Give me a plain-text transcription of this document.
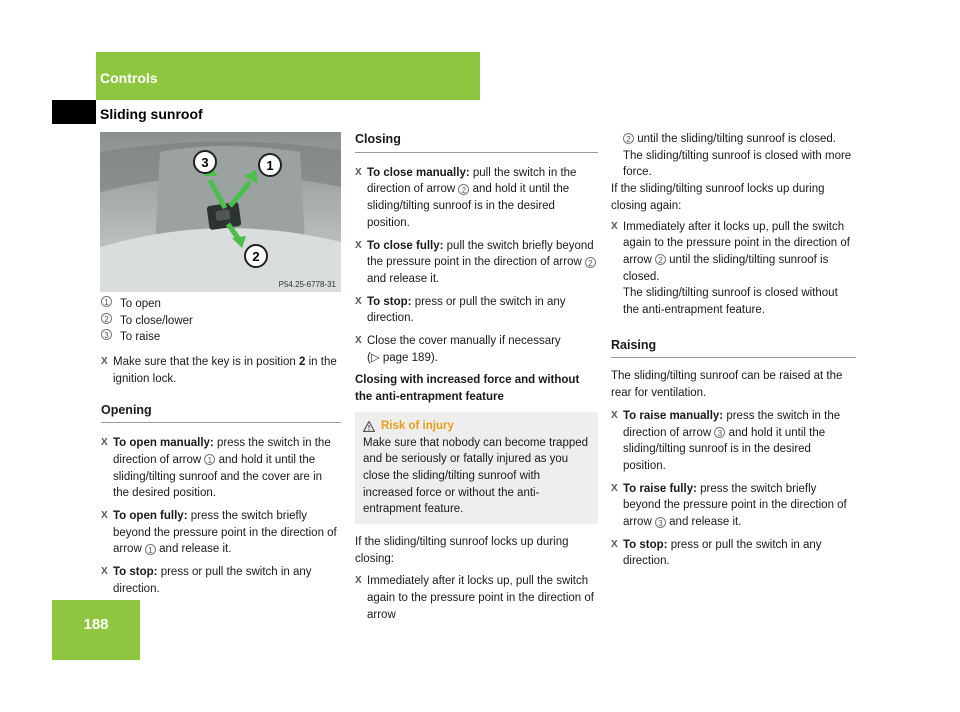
Controls
Sliding sunroof
188
3	1
2
P54.25-6778-31
1 To open
2 To close/lower
3 To raise

X Make sure that the key is in position 2 in the ignition lock.

Opening

X To open manually: press the switch in the direction of arrow 1 and hold it until the sliding/tilting sunroof and the cover are in the desired position.

X To open fully: press the switch briefly beyond the pressure point in the direction of arrow 1 and release it.

X To stop: press or pull the switch in any direction.

Closing

X To close manually: pull the switch in the direction of arrow 2 and hold it until the sliding/tilting sunroof is in the desired position.

X To close fully: pull the switch briefly beyond the pressure point in the direction of arrow 2 and release it.

X To stop: press or pull the switch in any direction.

X Close the cover manually if necessary
(▷ page 189).

Closing with increased force and without the anti-entrapment feature

Risk of injury

Make sure that nobody can become trapped and be seriously or fatally injured as you close the sliding/tilting sunroof with increased force or without the anti-entrapment feature.

If the sliding/tilting sunroof locks up during closing:

X Immediately after it locks up, pull the switch again to the pressure point in the direction of arrow

2 until the sliding/tilting sunroof is closed.

The sliding/tilting sunroof is closed with more force.

If the sliding/tilting sunroof locks up during closing again:

X Immediately after it locks up, pull the switch again to the pressure point in the direction of arrow 2 until the sliding/tilting sunroof is closed.

The sliding/tilting sunroof is closed without the anti-entrapment feature.

Raising

The sliding/tilting sunroof can be raised at the rear for ventilation.

X To raise manually: press the switch in the direction of arrow 3 and hold it until the sliding/tilting sunroof is in the desired position.

X To raise fully: press the switch briefly beyond the pressure point in the direction of arrow 3 and release it.

X To stop: press or pull the switch in any direction.
